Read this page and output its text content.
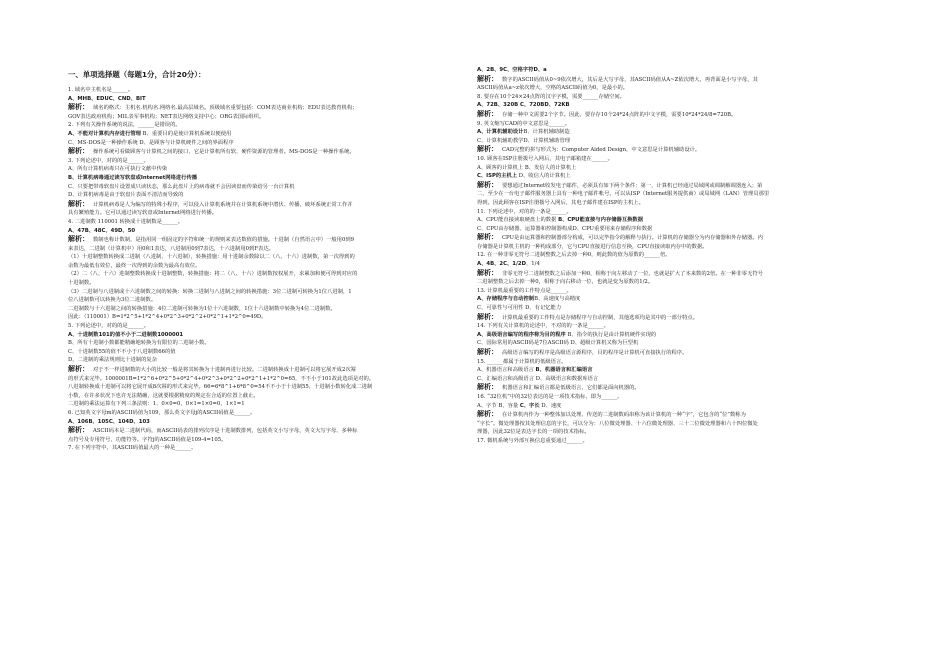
一、单项选择题（每题1分，合计20分）：
1. 域名中主机名是______。
A、MHB、EDUC、CND、BIT
解析： 域名的格式：主机名.机构名.网络名.最高层域名。顶级域名重要包括：COM表达商业机构；EDU表达教育机构；
GOV表达政府机构；MIL表军事机构；NET表达网络支持中心；ORG表国际组织。
2. 下列有关操作系统的说法，______是错误的。
A、不能对计算机内存进行管理 B、重要目的是使计算机系统以便使用
C、MS-DOS是一种操作系统 D、是顾客与计算机硬件之间的界面程序
解析： 操作系统可看做顾客与计算机之间的接口，它是计算机所有软、硬件资源的管理者。MS-DOS是一种操作系统。
3. 下列论述中，对的的是______。
A、所有计算机病毒只在可执行文献中传染
B、计算机病毒通过读写软盘或Internet网络进行传播
C、只要把带毒软盘片设置成只读状态，那么此盘片上的病毒就不会因读盘而传染给另一台计算机
D、计算机病毒是由于软盘片表面不清洁而导致的
解析： 计算机病毒是人为编写的特殊小程序，可以侵入计算机系统并在计算机系统中潜伏、传播，破坏系统正常工作并
具有繁殖能力。它可以通过读写软盘或Internet网络进行传播。
4. 二进制数 110001 转换成十进制数是______。
A、47B、48C、49D、50
解析： 数制也称计数制，是指用同一组固定的字符和统一的规则来表达数值的措施。十进制（自然语言中）一般用0到9
来表达，二进制（计算机中）用0和1表达，八进制用0到7表达，十六进制用0到F表达。
（1）十进制整数转换成二进制（八进制、十六进制），转换措施：用十进制余数除以二（八、十六）进制数，第一次得到的
余数为最低有效位，最终一次得到的余数为最高有效位。
（2）二（八、十六）进制整数转换成十进制整数，转换措施：将二（八、十六）进制数按权展开，求累加和便可得到对应的
十进制数。
（3）二进制与八进制或十六进制数之间的转换：转换二进制与八进制之间的转换措施：3位二进制可转换为1位八进制，1
位八进制数可以转换为3位二进制数。
二进制数与十六进制之间的转换措施：4位二进制可转换为1位十六进制数，1位十六进制数中转换为4位二进制数。
因此：（110001）B=1*2^5+1*2^4+0*2^3+0*2^2+0*2^1+1*2^0=49D。
5. 下列论述中，对的的是______。
A、十进制数101的值不小于二进制数1000001
B、所有十进制小数都能精确地转换为有限位的二进制小数。
C、十进制数55的值不不小于八进制数66的值
D、二进制的乘法规则比十进制的复杂
解析： 对于不一样进制数的大小的比较一般是将其转换为十进制再进行比较。二进制转换成十进制可以将它展开成2次幂
的形式来完毕。1000001B=1*2^6+0*2^5+0*2^4+0*2^3+0*2^2+0*2^1+1*2^0=65，不不小于101故此选项是对的。
八进制转换成十进制可以将它展开成8次幂的形式来完毕。66=6*8^1+6*8^0=54不不小于十进制55，十进制小数转化成二进制
小数，在许多状况下也许无法精确，这就要根据精度的规定在合适的位置上截止。
二进制的乘法运算有下列三条法则：1、0×0=0，0×1=1×0=0，1×1=1
6. 已知英文字母m的ASCII码值为109，那么英文字母j的ASCII码值是______。
A、106B、105C、104D、103
解析： ASCII码本是二进制代码，而ASCII码表的排列次序是十进制数排列，包括英文小写字母，英文大写字母、多种标
点符号及专用符号，功能符等。字符j的ASCII码值是109-4=105。
7. 在下列字符中，其ASCII码值最大的一种是______。
A、2B、9C、空格字符D、a
解析： 数字的ASCII码值从0~9依次增大，其后是大写字母，其ASCII码值从A~Z依次增大，再背面是小写字母，其
ASCII码值从a~z依次增大，空格的ASCII码值为0，是最小的。
8. 要存在10个24×24点阵的汉字字模，需要______存储空间。
A、72B、320B C、720BD、72KB
解析： 存储一种中文需要2个字节。因此，要存存10个24*24点阵的中文字模，需要10*24*24/8=720B。
9. 英文缩写CAD的中文意思是______。
A、计算机辅助设计B、计算机辅助制造
C、计算机辅助教学D、计算机辅助管理
解析： CAD完整的拼写形式为：Computer Aided Design，中文意思是计算机辅助设计。
10. 顾客在ISP注册拨号入网后，其电子邮箱建在______。
A、顾客的计算机上 B、发信人的计算机上
C、ISP的主机上 D、收信人的计算机上
解析： 要想通过Internet收发电子邮件，必须具有如下两个条件：第一，计算机已经通过局域网或调制解调器连入；第
二，至少在一台电子邮件服务器上具有一种电子邮件帐号，可以从ISP（Internet服务提供商）或局域网（LAN）管理员那里
得到。因此顾客在ISP注册拨号入网后，其电子邮件建在ISP的主机上。
11. 下列论述中，对的的一条是______。
A、CPU能直接读取硬盘上的数据 B、CPU能直接与内存储器互换数据
C、CPU由存储器、运算器和控制器构成D、CPU重要用来存储程序和数据
解析： CPU是由运算器和控制器部分构成，可以完毕指令的解释与执行。计算机的存储器分为内存储器和外存储器。内
存储器是计算机主机的一种构成部分，它与CPU直接进行信息互换，CPU直接读取内存中的数据。
12. 在一种非零无符号二进制整数之后去掉一种0，则此数的值为原数的______倍。
A、4B、2C、1/2D、1/4
解析： 非零无符号二进制整数之后添加一种0，相称于向左移动了一位，也就是扩大了本来数的2倍。在一种非零无符号
二进制整数之后去掉一种0，相称于向右移动一位，也就是变为原数的1/2。
13. 计算机最重要的工作特点是______。
A、存储程序与自动控制B、高速度与高精度
C、可靠性与可用性 D、有记忆能力
解析： 计算机最重要的工作特点是存储程序与自动控制，其他选项均是其中的一部分特点。
14. 下列有关计算机的论述中，不对的的一条是______。
A、高级语言编写的程序称为目的程序 B、指令的执行是由计算机硬件实现的
C、国际常用的ASCII码是7位ASCII码 D、超级计算机又称为巨型机
解析： 高级语言编写的程序是高级语言源程序，目的程序是计算机可直接执行的程序。
15. ______都属于计算机的低级语言。
A、机器语言和高级语言 B、机器语言和汇编语言
C、汇编语言和高级语言 D、高级语言和数据库语言
解析： 机器语言和汇编语言都是低级语言，它们都是面向机器的。
16. “32位机”中的32位表达的是一项技术指标，即为______。
A、字节 B、容量 C、字长 D、速度
解析： 在计算机内作为一种整体加以处理、传送的二进制数码串称为该计算机的一种“字”，它包含的“位”数称为
“字长”。微处理器按其处理信息的字长，可以分为：八位微处理器、十六位微处理器、三十二位微处理器和六十四位微处
理器，因此32位是表达字长的一项的技术指标。
17. 微机系统与外部互换信息重要通过______。
